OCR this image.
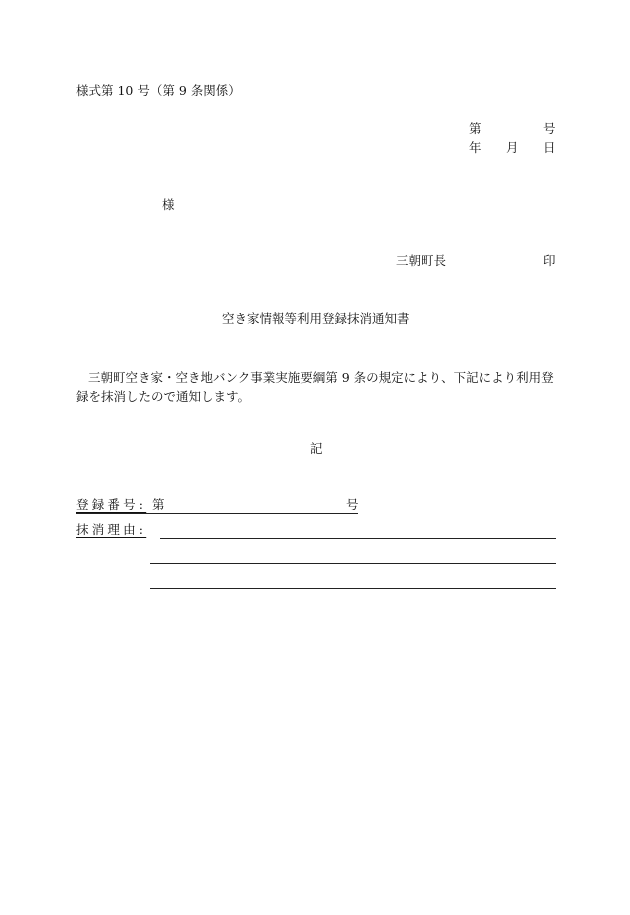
様式第 10 号（第 9 条関係）
第	号
年 月 日
様
三朝町長	印
空き家情報等利用登録抹消通知書
三朝町空き家・空き地バンク事業実施要綱第 9 条の規定により、下記により利用登録を抹消したので通知します。
記
登録番号: 第	号
抹消理由:
